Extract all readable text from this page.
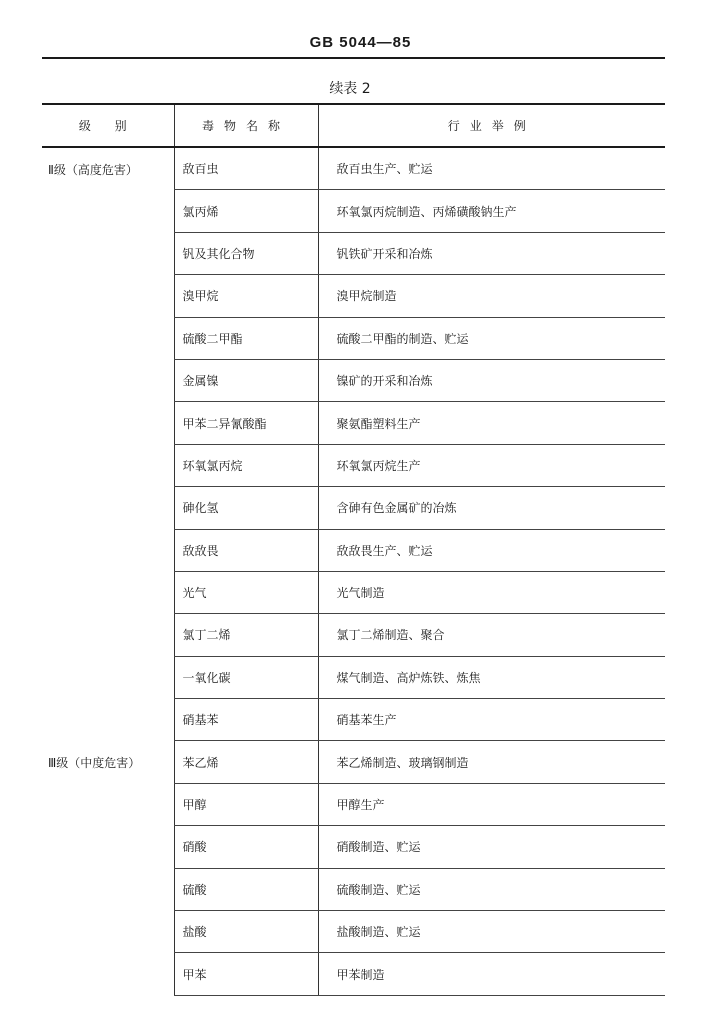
GB 5044—85
续表 2
级 别	毒物名称	行业举例
Ⅱ级（高度危害）	敌百虫	敌百虫生产、贮运
	氯丙烯	环氧氯丙烷制造、丙烯磺酸钠生产
	钒及其化合物	钒铁矿开采和冶炼
	溴甲烷	溴甲烷制造
	硫酸二甲酯	硫酸二甲酯的制造、贮运
	金属镍	镍矿的开采和冶炼
	甲苯二异氰酸酯	聚氨酯塑料生产
	环氧氯丙烷	环氧氯丙烷生产
	砷化氢	含砷有色金属矿的冶炼
	敌敌畏	敌敌畏生产、贮运
	光气	光气制造
	氯丁二烯	氯丁二烯制造、聚合
	一氧化碳	煤气制造、高炉炼铁、炼焦
	硝基苯	硝基苯生产
Ⅲ级（中度危害）	苯乙烯	苯乙烯制造、玻璃钢制造
	甲醇	甲醇生产
	硝酸	硝酸制造、贮运
	硫酸	硫酸制造、贮运
	盐酸	盐酸制造、贮运
	甲苯	甲苯制造
